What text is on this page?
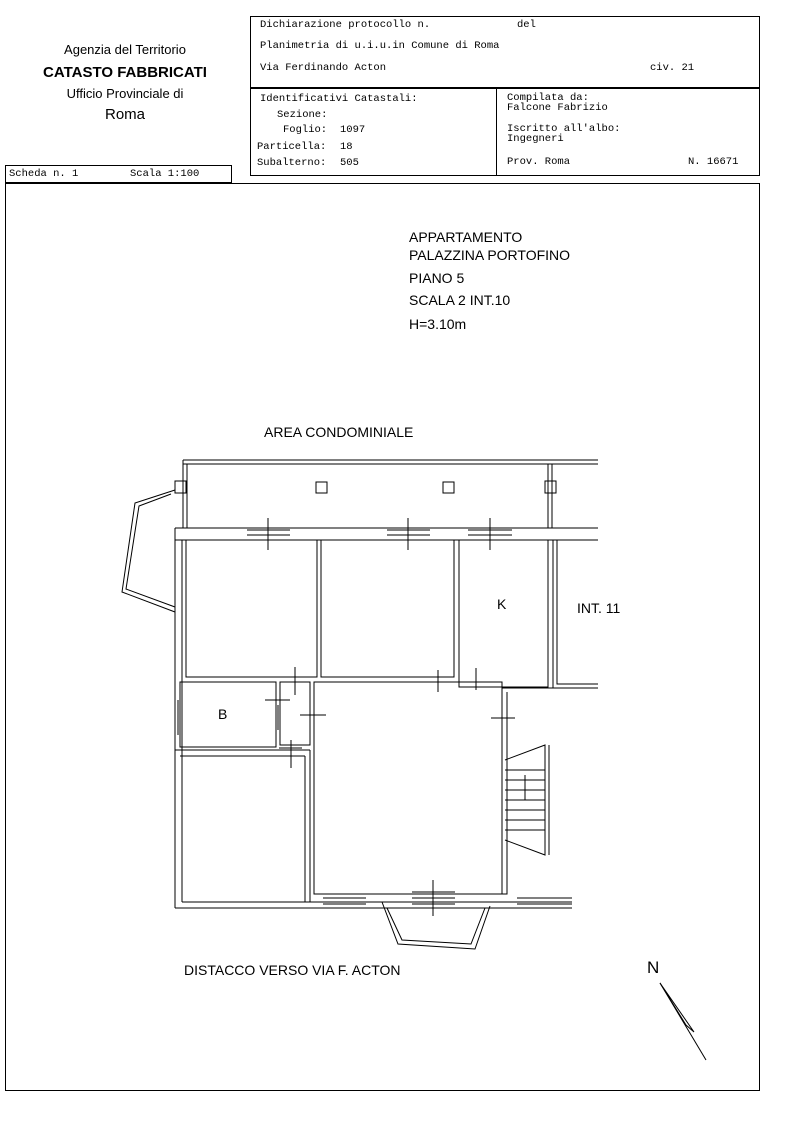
Agenzia del Territorio
CATASTO FABBRICATI
Ufficio Provinciale di
Roma
Dichiarazione protocollo n.	del
Planimetria di u.i.u.in Comune di Roma
Via Ferdinando Acton	civ. 21
Identificativi Catastali:
Sezione:
Foglio: 1097
Particella: 18
Subalterno: 505
Compilata da:
Falcone Fabrizio
Iscritto all'albo:
Ingegneri
Prov. Roma	N. 16671
Scheda n. 1	Scala 1:100
APPARTAMENTO
PALAZZINA PORTOFINO
PIANO 5
SCALA 2 INT.10
H=3.10m
AREA CONDOMINIALE
K
B
INT. 11
DISTACCO VERSO VIA F. ACTON	N
